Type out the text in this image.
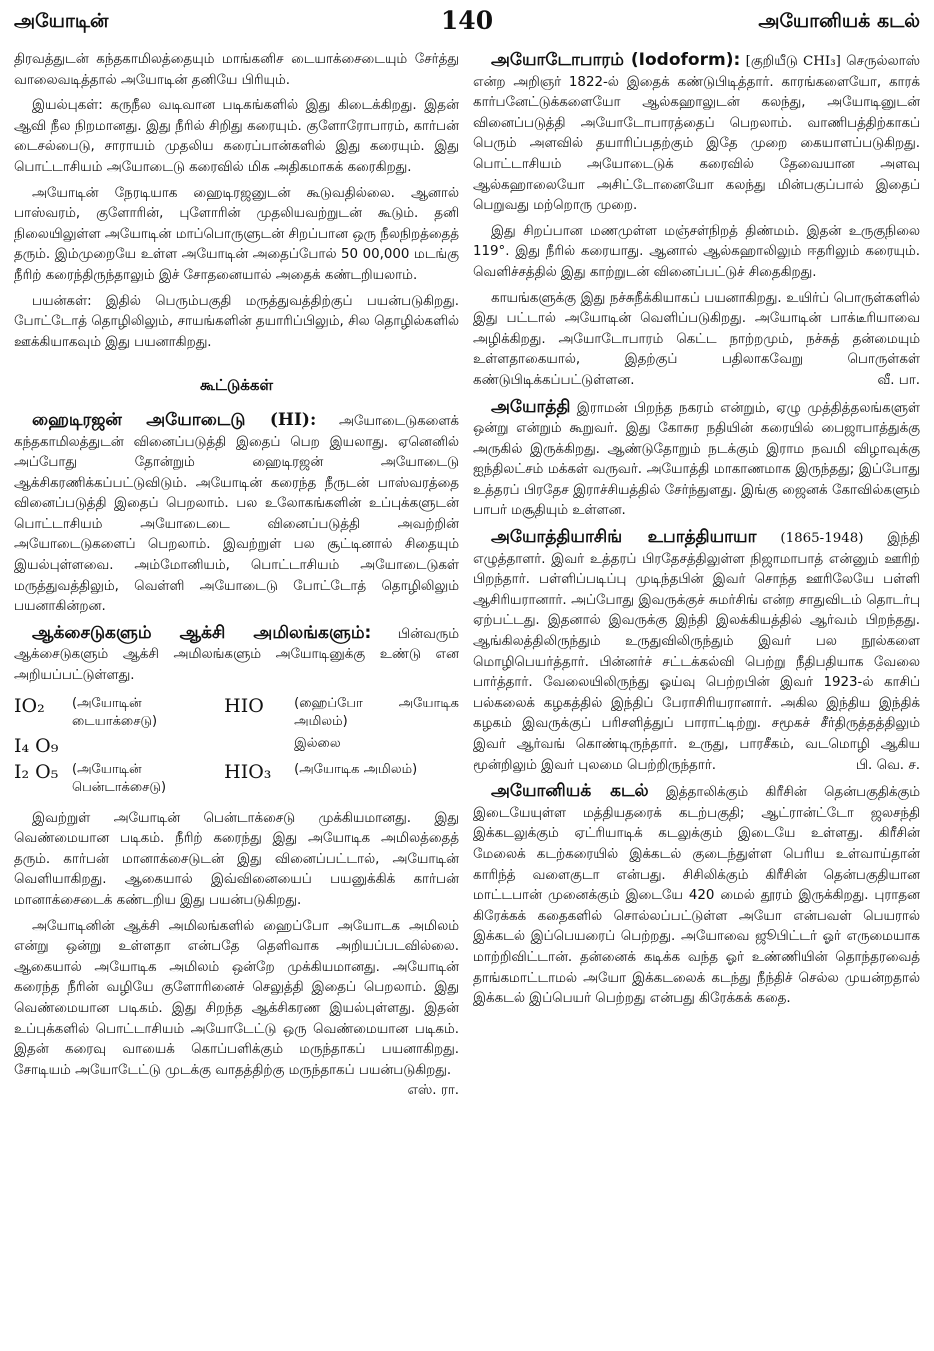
அயோடின்	140	அயோனியக் கடல்

திரவத்துடன் கந்தகாமிலத்தையும் மாங்கனிச டையாக்சைடையும் சேர்த்து வாலைவடித்தால் அயோடின் தனியே பிரியும்.

இயல்புகள்: கருநீல வடிவான படிகங்களில் இது கிடைக்கிறது. இதன் ஆவி நீல நிறமானது. இது நீரில் சிறிது கரையும். குளோரோபாரம், கார்பன் டைசல்பைடு, சாராயம் முதலிய கரைப்பான்களில் இது கரையும். இது பொட்டாசியம் அயோடைடு கரைவில் மிக அதிகமாகக் கரைகிறது.

அயோடின் நேரடியாக ஹைடிரஜனுடன் கூடுவதில்லை. ஆனால் பாஸ்வரம், குளோரின், புளோரின் முதலியவற்றுடன் கூடும். தனி நிலையிலுள்ள அயோடின் மாப்பொருளுடன் சிறப்பான ஒரு நீலநிறத்தைத் தரும். இம்முறையே உள்ள அயோடின் அதைப்போல் 50 00,000 மடங்கு நீரிற் கரைந்திருந்தாலும் இச் சோதனையால் அதைக் கண்டறியலாம்.

பயன்கள்: இதில் பெரும்பகுதி மருத்துவத்திற்குப் பயன்படுகிறது. போட்டோத் தொழிலிலும், சாயங்களின் தயாரிப்பிலும், சில தொழில்களில் ஊக்கியாகவும் இது பயனாகிறது.

கூட்டுக்கள்

ஹைடிரஜன் அயோடைடு (HI): அயோடைடுகளைக் கந்தகாமிலத்துடன் வினைப்படுத்தி இதைப் பெற இயலாது. ஏனெனில் அப்போது தோன்றும் ஹைடிரஜன் அயோடைடு ஆக்சிகரணிக்கப்பட்டுவிடும். அயோடின் கரைந்த நீருடன் பாஸ்வரத்தை வினைப்படுத்தி இதைப் பெறலாம். பல உலோகங்களின் உப்புக்களுடன் பொட்டாசியம் அயோடைடை வினைப்படுத்தி அவற்றின் அயோடைடுகளைப் பெறலாம். இவற்றுள் பல சூட்டினால் சிதையும் இயல்புள்ளவை. அம்மோனியம், பொட்டாசியம் அயோடைடுகள் மருத்துவத்திலும், வெள்ளி அயோடைடு போட்டோத் தொழிலிலும் பயனாகின்றன.

ஆக்சைடுகளும் ஆக்சி அமிலங்களும்: பின்வரும் ஆக்சைடுகளும் ஆக்சி அமிலங்களும் அயோடினுக்கு உண்டு என அறியப்பட்டுள்ளது.

IO₂	(அயோடின் டையாக்சைடு)	HIO	(ஹைப்போ அயோடிக அமிலம்)
I₄ O₉			இல்லை
I₂ O₅	(அயோடின் பென்டாக்சைடு)	HIO₃	(அயோடிக அமிலம்)

இவற்றுள் அயோடின் பென்டாக்சைடு முக்கியமானது. இது வெண்மையான படிகம். நீரிற் கரைந்து இது அயோடிக அமிலத்தைத் தரும். கார்பன் மானாக்சைடுடன் இது வினைப்பட்டால், அயோடின் வெளியாகிறது. ஆகையால் இவ்வினையைப் பயனுக்கிக் கார்பன் மானாக்சைடைக் கண்டறிய இது பயன்படுகிறது.

அயோடினின் ஆக்சி அமிலங்களில் ஹைப்போ அயோடக அமிலம் என்று ஒன்று உள்ளதா என்பதே தெளிவாக அறியப்படவில்லை. ஆகையால் அயோடிக அமிலம் ஒன்றே முக்கியமானது. அயோடின் கரைந்த நீரின் வழியே குளோரினைச் செலுத்தி இதைப் பெறலாம். இது வெண்மையான படிகம். இது சிறந்த ஆக்சிகரண இயல்புள்ளது. இதன் உப்புக்களில் பொட்டாசியம் அயோடேட்டு ஒரு வெண்மையான படிகம். இதன் கரைவு வாயைக் கொப்பளிக்கும் மருந்தாகப் பயனாகிறது. சோடியம் அயோடேட்டு முடக்கு வாதத்திற்கு மருந்தாகப் பயன்படுகிறது.
எஸ். ரா.

அயோடோபாரம் (Iodoform): [குறியீடு CHI₃] செருல்லாஸ் என்ற அறிஞர் 1822-ல் இதைக் கண்டுபிடித்தார். காரங்களையோ, காரக் கார்பனேட்டுக்களையோ ஆல்கஹாலுடன் கலந்து, அயோடினுடன் வினைப்படுத்தி அயோடோபாரத்தைப் பெறலாம். வாணிபத்திற்காகப் பெரும் அளவில் தயாரிப்பதற்கும் இதே முறை கையாளப்படுகிறது. பொட்டாசியம் அயோடைடுக் கரைவில் தேவையான அளவு ஆல்கஹாலையோ அசிட்டோனையோ கலந்து மின்பகுப்பால் இதைப் பெறுவது மற்றொரு முறை.

இது சிறப்பான மணமுள்ள மஞ்சள்நிறத் திண்மம். இதன் உருகுநிலை 119°. இது நீரில் கரையாது. ஆனால் ஆல்கஹாலிலும் ஈதரிலும் கரையும். வெளிச்சத்தில் இது காற்றுடன் வினைப்பட்டுச் சிதைகிறது.

காயங்களுக்கு இது நச்சுநீக்கியாகப் பயனாகிறது. உயிர்ப் பொருள்களில் இது பட்டால் அயோடின் வெளிப்படுகிறது. அயோடின் பாக்டீரியாவை அழிக்கிறது. அயோடோபாரம் கெட்ட நாற்றமும், நச்சுத் தன்மையும் உள்ளதாகையால், இதற்குப் பதிலாகவேறு பொருள்கள் கண்டுபிடிக்கப்பட்டுள்ளன.	வீ. பா.

அயோத்தி இராமன் பிறந்த நகரம் என்றும், ஏழு முத்தித்தலங்களுள் ஒன்று என்றும் கூறுவர். இது கோசுர நதியின் கரையில் பைஜாபாத்துக்கு அருகில் இருக்கிறது. ஆண்டுதோறும் நடக்கும் இராம நவமி விழாவுக்கு ஐந்திலட்சம் மக்கள் வருவர். அயோத்தி மாகாணமாக இருந்தது; இப்போது உத்தரப் பிரதேச இராச்சியத்தில் சேர்ந்துளது. இங்கு ஜைனக் கோவில்களும் பாபர் மசூதியும் உள்ளன.

அயோத்தியாசிங் உபாத்தியாயா (1865-1948) இந்தி எழுத்தாளர். இவர் உத்தரப் பிரதேசத்திலுள்ள நிஜாமாபாத் என்னும் ஊரிற் பிறந்தார். பள்ளிப்படிப்பு முடிந்தபின் இவர் சொந்த ஊரிலேயே பள்ளி ஆசிரியரானார். அப்போது இவருக்குச் சுமர்சிங் என்ற சாதுவிடம் தொடர்பு ஏற்பட்டது. இதனால் இவருக்கு இந்தி இலக்கியத்தில் ஆர்வம் பிறந்தது. ஆங்கிலத்திலிருந்தும் உருதுவிலிருந்தும் இவர் பல நூல்களை மொழிபெயர்த்தார். பின்னர்ச் சட்டக்கல்வி பெற்று நீதிபதியாக வேலை பார்த்தார். வேலையிலிருந்து ஓய்வு பெற்றபின் இவர் 1923-ல் காசிப் பல்கலைக் கழகத்தில் இந்திப் பேராசிரியரானார். அகில இந்திய இந்திக் கழகம் இவருக்குப் பரிசளித்துப் பாராட்டிற்று. சமூகச் சீர்திருத்தத்திலும் இவர் ஆர்வங் கொண்டிருந்தார். உருது, பாரசீகம், வடமொழி ஆகிய மூன்றிலும் இவர் புலமை பெற்றிருந்தார்.	பி. வெ. ச.

அயோனியக் கடல் இத்தாலிக்கும் கிரீசின் தென்பகுதிக்கும் இடையேயுள்ள மத்தியதரைக் கடற்பகுதி; ஆட்ரான்ட்டோ ஜலசந்தி இக்கடலுக்கும் ஏட்ரியாடிக் கடலுக்கும் இடையே உள்ளது. கிரீசின் மேலைக் கடற்கரையில் இக்கடல் குடைந்துள்ள பெரிய உள்வாய்தான் காரிந்த் வளைகுடா என்பது. சிசிலிக்கும் கிரீசின் தென்பகுதியான மாட்டபான் முனைக்கும் இடையே 420 மைல் தூரம் இருக்கிறது. புராதன கிரேக்கக் கதைகளில் சொல்லப்பட்டுள்ள அயோ என்பவள் பெயரால் இக்கடல் இப்பெயரைப் பெற்றது. அயோவை ஜூபிட்டர் ஓர் எருமையாக மாற்றிவிட்டான். தன்னைக் கடிக்க வந்த ஓர் உண்ணியின் தொந்தரவைத் தாங்கமாட்டாமல் அயோ இக்கடலைக் கடந்து நீந்திச் செல்ல முயன்றதால் இக்கடல் இப்பெயர் பெற்றது என்பது கிரேக்கக் கதை.
